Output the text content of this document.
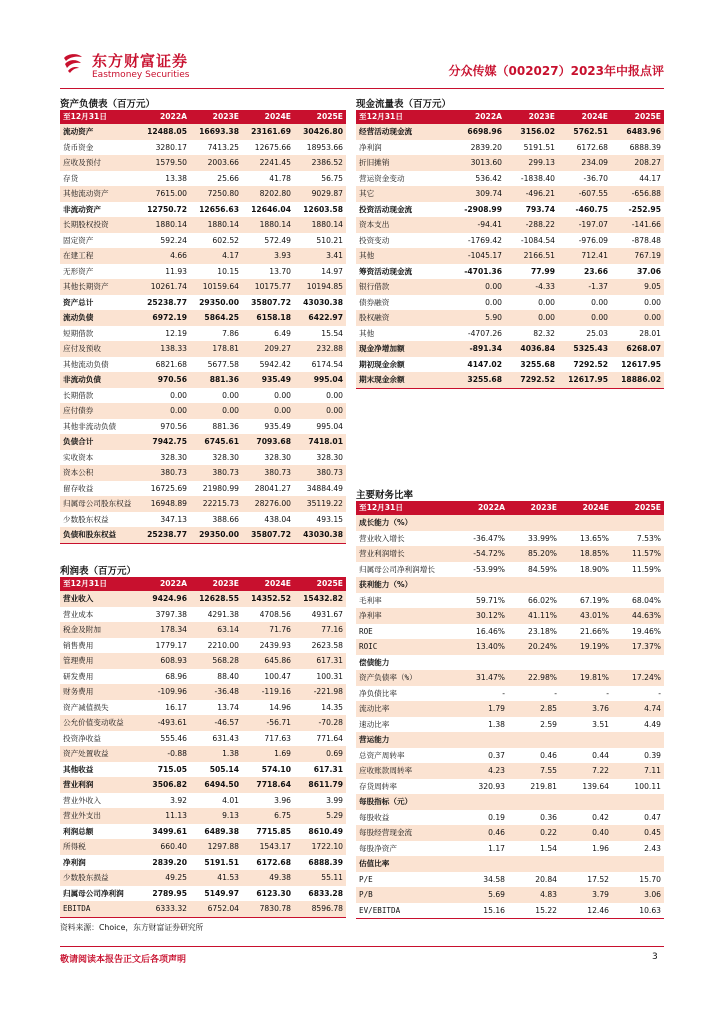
东方财富证券
Eastmoney Securities	分众传媒（002027）2023年中报点评
资产负债表（百万元）
至12月31日	2022A	2023E	2024E	2025E
流动资产	12488.05	16693.38	23161.69	30426.80
货币资金	3280.17	7413.25	12675.66	18953.66
应收及预付	1579.50	2003.66	2241.45	2386.52
存货	13.38	25.66	41.78	56.75
其他流动资产	7615.00	7250.80	8202.80	9029.87
非流动资产	12750.72	12656.63	12646.04	12603.58
长期股权投资	1880.14	1880.14	1880.14	1880.14
固定资产	592.24	602.52	572.49	510.21
在建工程	4.66	4.17	3.93	3.41
无形资产	11.93	10.15	13.70	14.97
其他长期资产	10261.74	10159.64	10175.77	10194.85
资产总计	25238.77	29350.00	35807.72	43030.38
流动负债	6972.19	5864.25	6158.18	6422.97
短期借款	12.19	7.86	6.49	15.54
应付及预收	138.33	178.81	209.27	232.88
其他流动负债	6821.68	5677.58	5942.42	6174.54
非流动负债	970.56	881.36	935.49	995.04
长期借款	0.00	0.00	0.00	0.00
应付债券	0.00	0.00	0.00	0.00
其他非流动负债	970.56	881.36	935.49	995.04
负债合计	7942.75	6745.61	7093.68	7418.01
实收资本	328.30	328.30	328.30	328.30
资本公积	380.73	380.73	380.73	380.73
留存收益	16725.69	21980.99	28041.27	34884.49
归属母公司股东权益	16948.89	22215.73	28276.00	35119.22
少数股东权益	347.13	388.66	438.04	493.15
负债和股东权益	25238.77	29350.00	35807.72	43030.38
现金流量表（百万元）
至12月31日	2022A	2023E	2024E	2025E
经营活动现金流	6698.96	3156.02	5762.51	6483.96
净利润	2839.20	5191.51	6172.68	6888.39
折旧摊销	3013.60	299.13	234.09	208.27
营运资金变动	536.42	-1838.40	-36.70	44.17
其它	309.74	-496.21	-607.55	-656.88
投资活动现金流	-2908.99	793.74	-460.75	-252.95
资本支出	-94.41	-288.22	-197.07	-141.66
投资变动	-1769.42	-1084.54	-976.09	-878.48
其他	-1045.17	2166.51	712.41	767.19
筹资活动现金流	-4701.36	77.99	23.66	37.06
银行借款	0.00	-4.33	-1.37	9.05
债券融资	0.00	0.00	0.00	0.00
股权融资	5.90	0.00	0.00	0.00
其他	-4707.26	82.32	25.03	28.01
现金净增加额	-891.34	4036.84	5325.43	6268.07
期初现金余额	4147.02	3255.68	7292.52	12617.95
期末现金余额	3255.68	7292.52	12617.95	18886.02
利润表（百万元）
至12月31日	2022A	2023E	2024E	2025E
营业收入	9424.96	12628.55	14352.52	15432.82
营业成本	3797.38	4291.38	4708.56	4931.67
税金及附加	178.34	63.14	71.76	77.16
销售费用	1779.17	2210.00	2439.93	2623.58
管理费用	608.93	568.28	645.86	617.31
研发费用	68.96	88.40	100.47	100.31
财务费用	-109.96	-36.48	-119.16	-221.98
资产减值损失	16.17	13.74	14.96	14.35
公允价值变动收益	-493.61	-46.57	-56.71	-70.28
投资净收益	555.46	631.43	717.63	771.64
资产处置收益	-0.88	1.38	1.69	0.69
其他收益	715.05	505.14	574.10	617.31
营业利润	3506.82	6494.50	7718.64	8611.79
营业外收入	3.92	4.01	3.96	3.99
营业外支出	11.13	9.13	6.75	5.29
利润总额	3499.61	6489.38	7715.85	8610.49
所得税	660.40	1297.88	1543.17	1722.10
净利润	2839.20	5191.51	6172.68	6888.39
少数股东损益	49.25	41.53	49.38	55.11
归属母公司净利润	2789.95	5149.97	6123.30	6833.28
EBITDA	6333.32	6752.04	7830.78	8596.78
主要财务比率
至12月31日	2022A	2023E	2024E	2025E
成长能力（%）				
营业收入增长	-36.47%	33.99%	13.65%	7.53%
营业利润增长	-54.72%	85.20%	18.85%	11.57%
归属母公司净利润增长	-53.99%	84.59%	18.90%	11.59%
获利能力（%）				
毛利率	59.71%	66.02%	67.19%	68.04%
净利率	30.12%	41.11%	43.01%	44.63%
ROE	16.46%	23.18%	21.66%	19.46%
ROIC	13.40%	20.24%	19.19%	17.37%
偿债能力				
资产负债率（%）	31.47%	22.98%	19.81%	17.24%
净负债比率	-	-	-	-
流动比率	1.79	2.85	3.76	4.74
速动比率	1.38	2.59	3.51	4.49
营运能力				
总资产周转率	0.37	0.46	0.44	0.39
应收账款周转率	4.23	7.55	7.22	7.11
存货周转率	320.93	219.81	139.64	100.11
每股指标（元）				
每股收益	0.19	0.36	0.42	0.47
每股经营现金流	0.46	0.22	0.40	0.45
每股净资产	1.17	1.54	1.96	2.43
估值比率				
P/E	34.58	20.84	17.52	15.70
P/B	5.69	4.83	3.79	3.06
EV/EBITDA	15.16	15.22	12.46	10.63
资料来源：Choice，东方财富证券研究所
敬请阅读本报告正文后各项声明	3
